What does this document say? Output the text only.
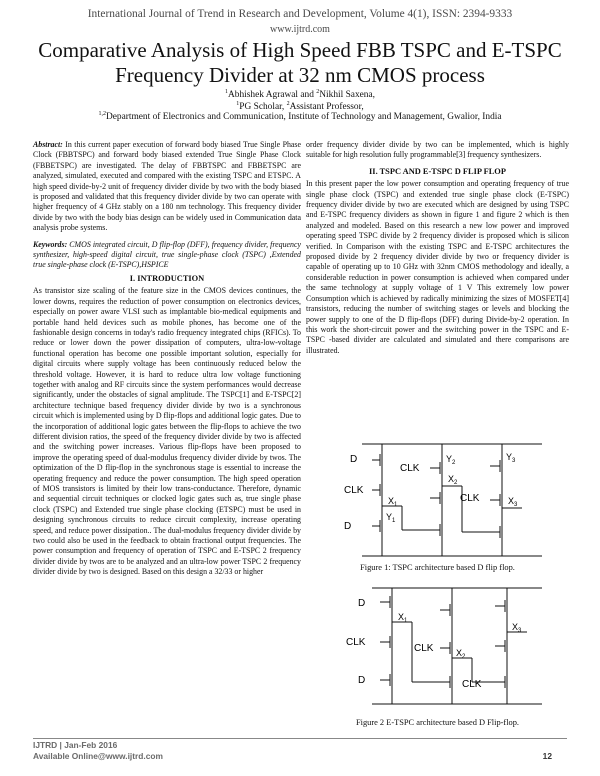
International Journal of Trend in Research and Development, Volume 4(1), ISSN: 2394-9333
www.ijtrd.com
Comparative Analysis of High Speed FBB TSPC and E-TSPC Frequency Divider at 32 nm CMOS process
$^1$Abhishek Agrawal and $^2$Nikhil Saxena,
$^1$PG Scholar, $^2$Assistant Professor,
$^{1,2}$Department of Electronics and Communication, Institute of Technology and Management, Gwalior, India

Abstract: In this current paper execution of forward body biased True Single Phase Clock (FBBTSPC) and forward body biased extended True Single Phase Clock (FBBETSPC) are investigated. The delay of FBBTSPC and FBBETSPC are analyzed, simulated, executed and compared with the existing TSPC and ETSPC. A high speed divide-by-2 unit of frequency divider divide by two with the body biased is proposed and validated that this frequency divider divide by two can operate with higher frequency of 4 GHz stably on a 180 nm technology. This frequency divider divide by two with the body bias design can be widely used in Communication data analysis probe systems.

Keywords: CMOS integrated circuit, D flip-flop (DFF), frequency divider, frequency synthesizer, high-speed digital circuit, true single-phase clock (TSPC) ,Extended true single-phase clock (E-TSPC),HSPICE

I. INTRODUCTION

As transistor size scaling of the feature size in the CMOS devices continues, the lower downs, requires the reduction of power consumption on electronics devices, especially on power aware VLSI such as implantable bio-medical equipments and portable hand held devices such as mobile phones, has become one of the fashionable design concerns in today's radio frequency integrated chips (RFICs). To reduce or lower down the power dissipation of computers, ultra-low-voltage functional operation has become one possible important solution, especially for digital circuits where supply voltage has been continuously reduced below the threshold voltage. However, it is hard to reduce ultra low voltage functioning together with analog and RF circuits since the system performances would decrease significantly, under the obstacles of signal amplitude. The TSPC[1] and E-TSPC[2] architecture technique based frequency divider divide by two is a synchronous circuit which is implemented using by D flip-flops and additional logic gates. Due to the incorporation of additional logic gates between the flip-flops to achieve the two different division ratios, the speed of the frequency divider divide by two is affected and the switching power increases. Various flip-flops have been proposed to improve the operating speed of dual-modulus frequency divider divide by twos. The optimization of the D flip-flop in the synchronous stage is essential to increase the operating frequency and reduce the power consumption. The high speed operation of MOS transistors is limited by their low trans-conductance. Therefore, dynamic and sequential circuit techniques or clocked logic gates such as, true single phase clock (TSPC) and Extended true single phase clocking (ETSPC) must be used in designing synchronous circuits to reduce circuit complexity, increase operating speed, and reduce power dissipation.. The dual-modulus frequency divider divide by two could also be used in the feedback to obtain fractional output frequencies. The power consumption and frequency of operation of TSPC and E-TSPC 2 frequency divider divide by twos are to be analyzed and an ultra-low power TSPC 2 frequency divider divide by two is designed. Based on this design a 32/33 or higher

order frequency divider divide by two can be implemented, which is highly suitable for high resolution fully programmable[3] frequency synthesizers.

II. TSPC AND E-TSPC D FLIP FLOP

In this present paper the low power consumption and operating frequency of true single phase clock (TSPC) and extended true single phase clock (E-TSPC) frequency divider divide by two are executed which are designed by using TSPC and E-TSPC frequency dividers as shown in figure 1 and figure 2 which is then analyzed and modeled. Based on this research a new low power and improved operating speed TSPC divide by 2 frequency divider is proposed which is silicon verified. In Comparison with the existing TSPC and E-TSPC architectures the proposed divide by 2 frequency divider divide by two or frequency divider is capable of operating up to 10 GHz with 32nm CMOS methodology and ideally, a considerable reduction in power consumption is achieved when compared under the same technology at supply voltage of 1 V This extremely low power Consumption which is achieved by radically minimizing the sizes of MOSFET[4] transistors, reducing the number of switching stages or levels and blocking the power supply to one of the D flip-flops (DFF) during Divide-by-2 operation. In this work the short-circuit power and the switching power in the TSPC and E-TSPC -based divider are calculated and simulated and there comparisons are illustrated.

D
CLK
D
$X_1$
$Y_1$
CLK
$X_2$
$Y_2$
CLK	$X_3$
$Y_3$
Figure 1: TSPC architecture based D flip flop.
D
CLK
D
$X_1$
CLK	$X_2$
CLK
$X_3$
Figure 2 E-TSPC architecture based D Flip-flop.
IJTRD | Jan-Feb 2016
Available Online@www.ijtrd.com	12
